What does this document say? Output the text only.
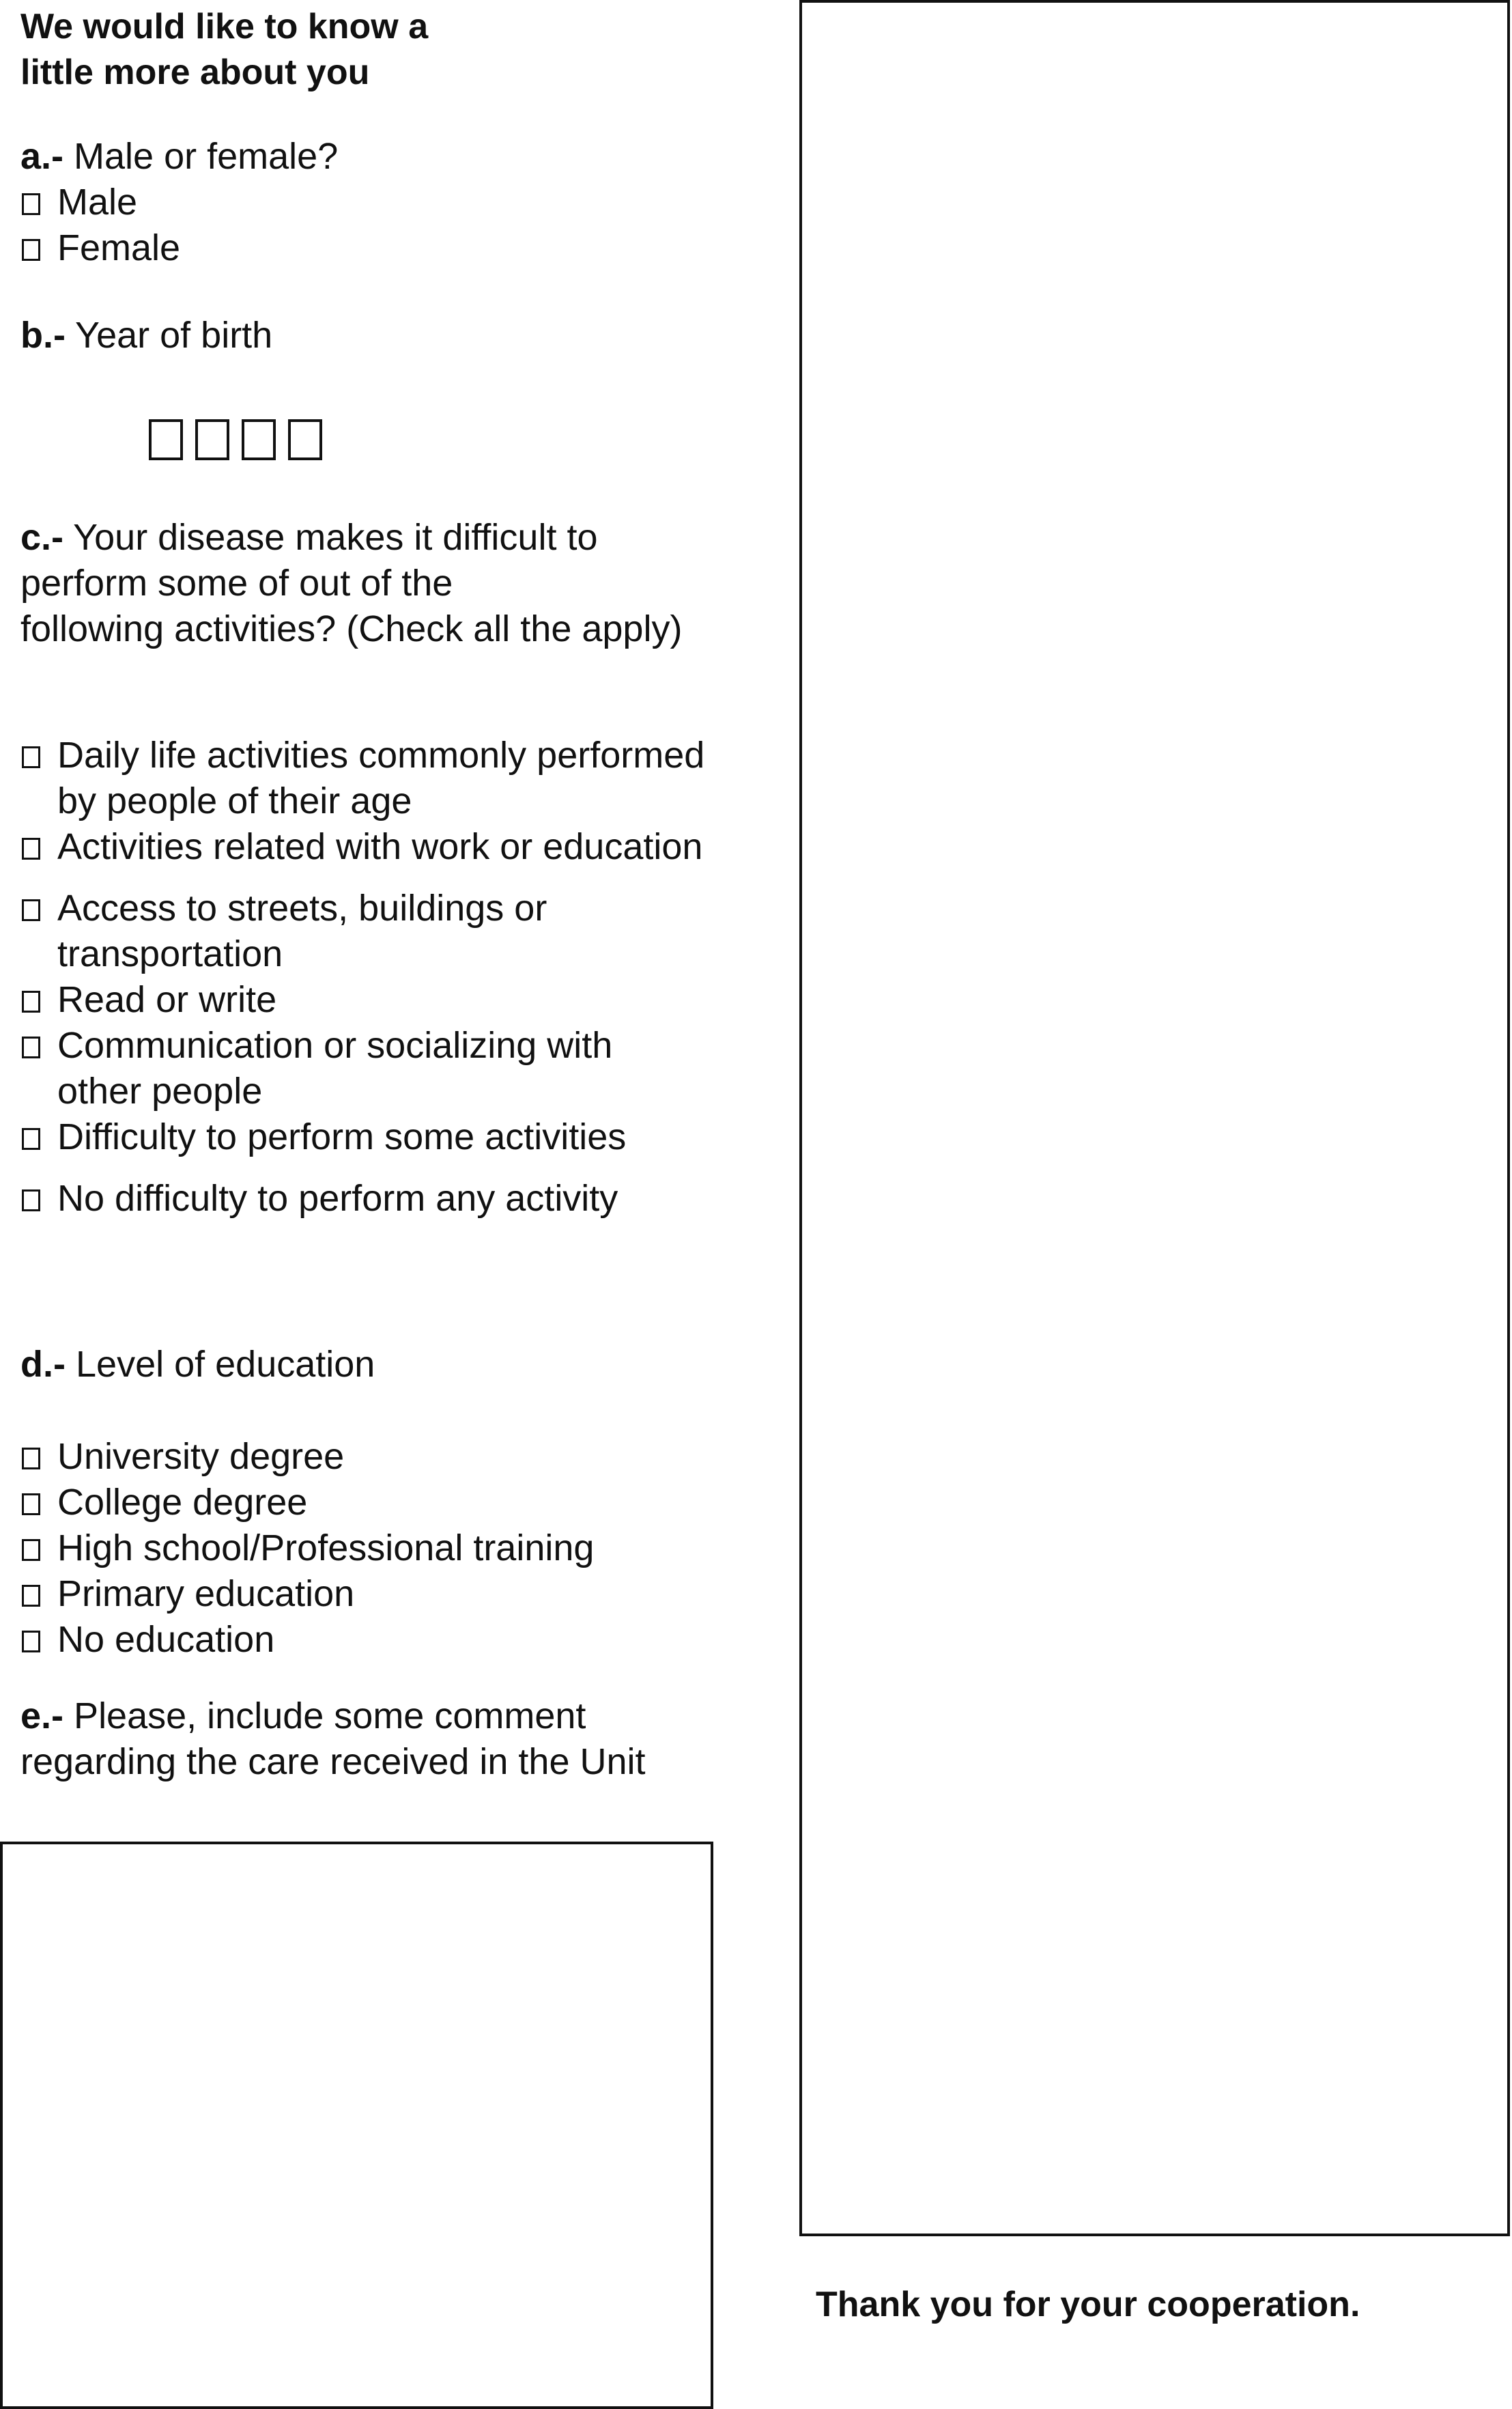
We would like to know a
little more about you
a.- Male or female?
Male
Female
b.- Year of birth
c.- Your disease makes it difficult to
perform some of out of the
following activities? (Check all the apply)
Daily life activities commonly performed
by people of their age
Activities related with work or education
Access to streets, buildings or
transportation
Read or write
Communication or socializing with
other people
Difficulty to perform some activities
No difficulty to perform any activity
d.- Level of education
University degree
College degree
High school/Professional training
Primary education
No education
e.- Please, include some comment
regarding the care received in the Unit
Thank you for your cooperation.
